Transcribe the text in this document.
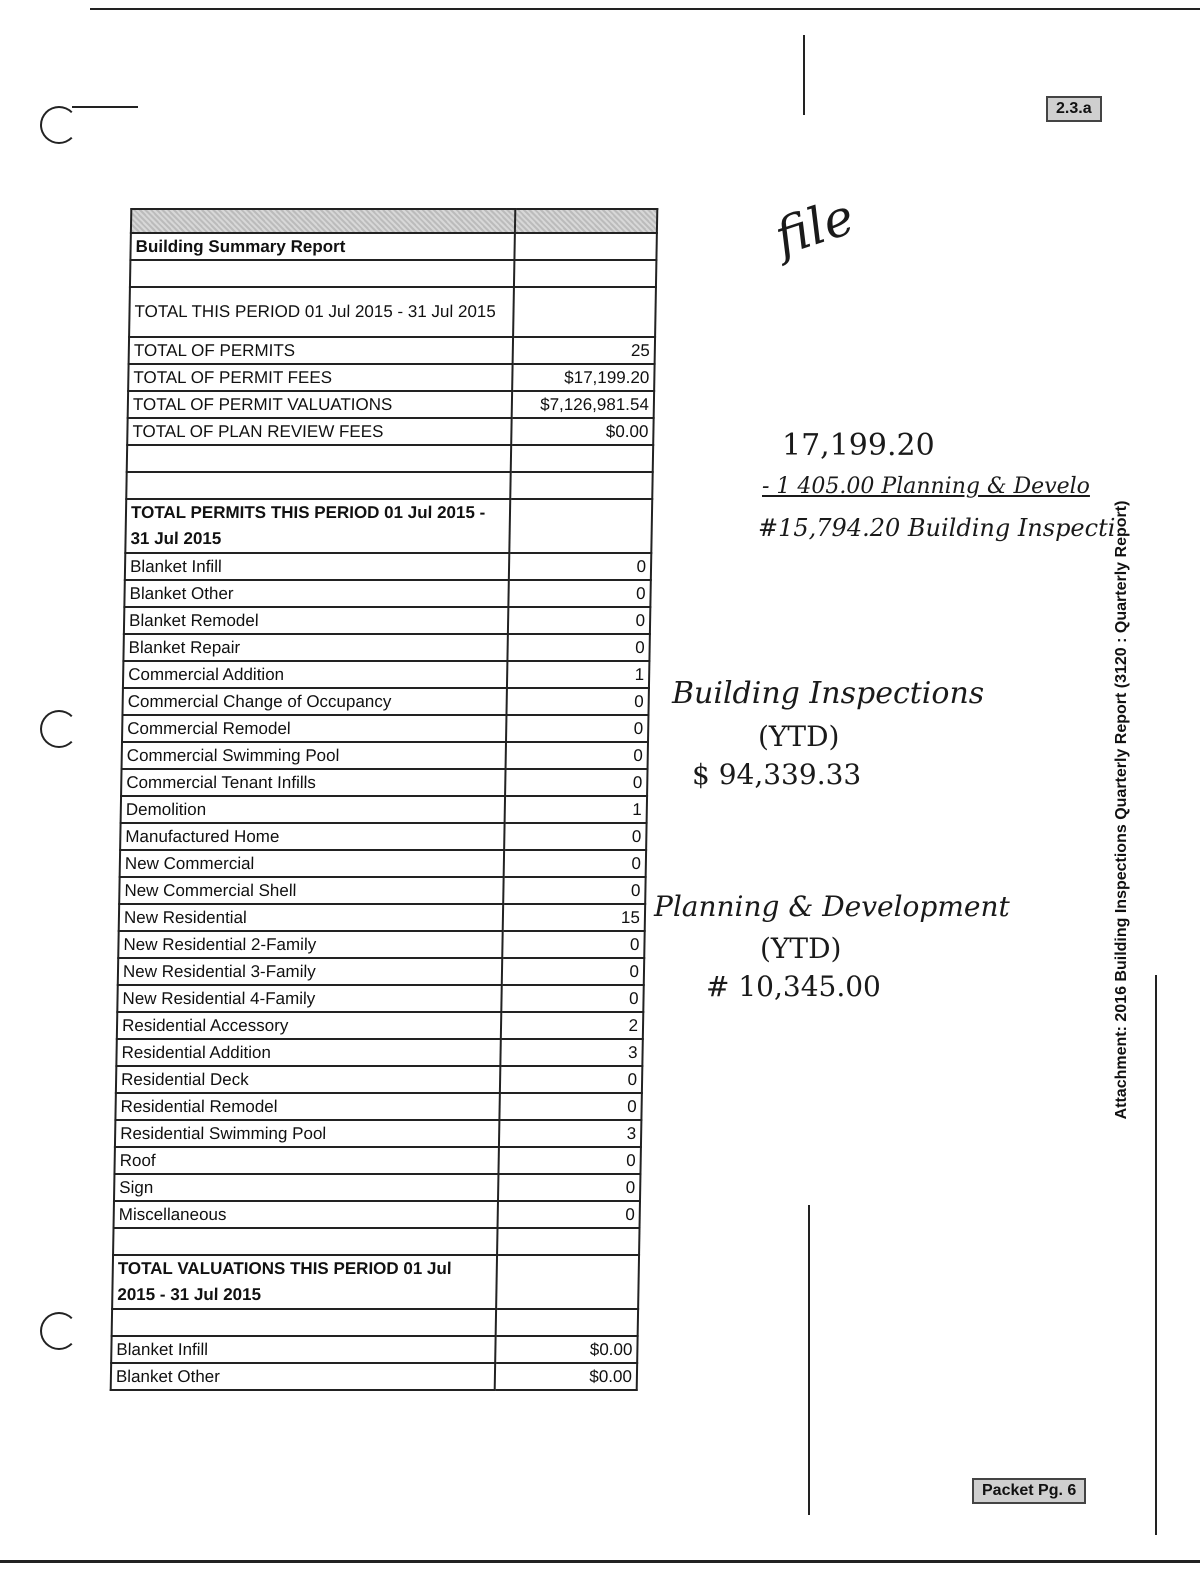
2.3.a
Packet Pg. 6
Attachment: 2016 Building Inspections Quarterly Report (3120 : Quarterly Report)

Building Summary Report	

TOTAL THIS PERIOD 01 Jul 2015 - 31 Jul 2015	
TOTAL OF PERMITS	25
TOTAL OF PERMIT FEES	$17,199.20
TOTAL OF PERMIT VALUATIONS	$7,126,981.54
TOTAL OF PLAN REVIEW FEES	$0.00

TOTAL PERMITS THIS PERIOD 01 Jul 2015 - 31 Jul 2015	
Blanket Infill	0
Blanket Other	0
Blanket Remodel	0
Blanket Repair	0
Commercial Addition	1
Commercial Change of Occupancy	0
Commercial Remodel	0
Commercial Swimming Pool	0
Commercial Tenant Infills	0
Demolition	1
Manufactured Home	0
New Commercial	0
New Commercial Shell	0
New Residential	15
New Residential 2-Family	0
New Residential 3-Family	0
New Residential 4-Family	0
Residential Accessory	2
Residential Addition	3
Residential Deck	0
Residential Remodel	0
Residential Swimming Pool	3
Roof	0
Sign	0
Miscellaneous	0

TOTAL VALUATIONS THIS PERIOD 01 Jul 2015 - 31 Jul 2015	

Blanket Infill	$0.00
Blanket Other	$0.00
file
17,199.20
- 1 405.00 Planning & Develo
#15,794.20 Building Inspecti
Building Inspections
(YTD)
$ 94,339.33
Planning & Development
(YTD)
# 10,345.00
